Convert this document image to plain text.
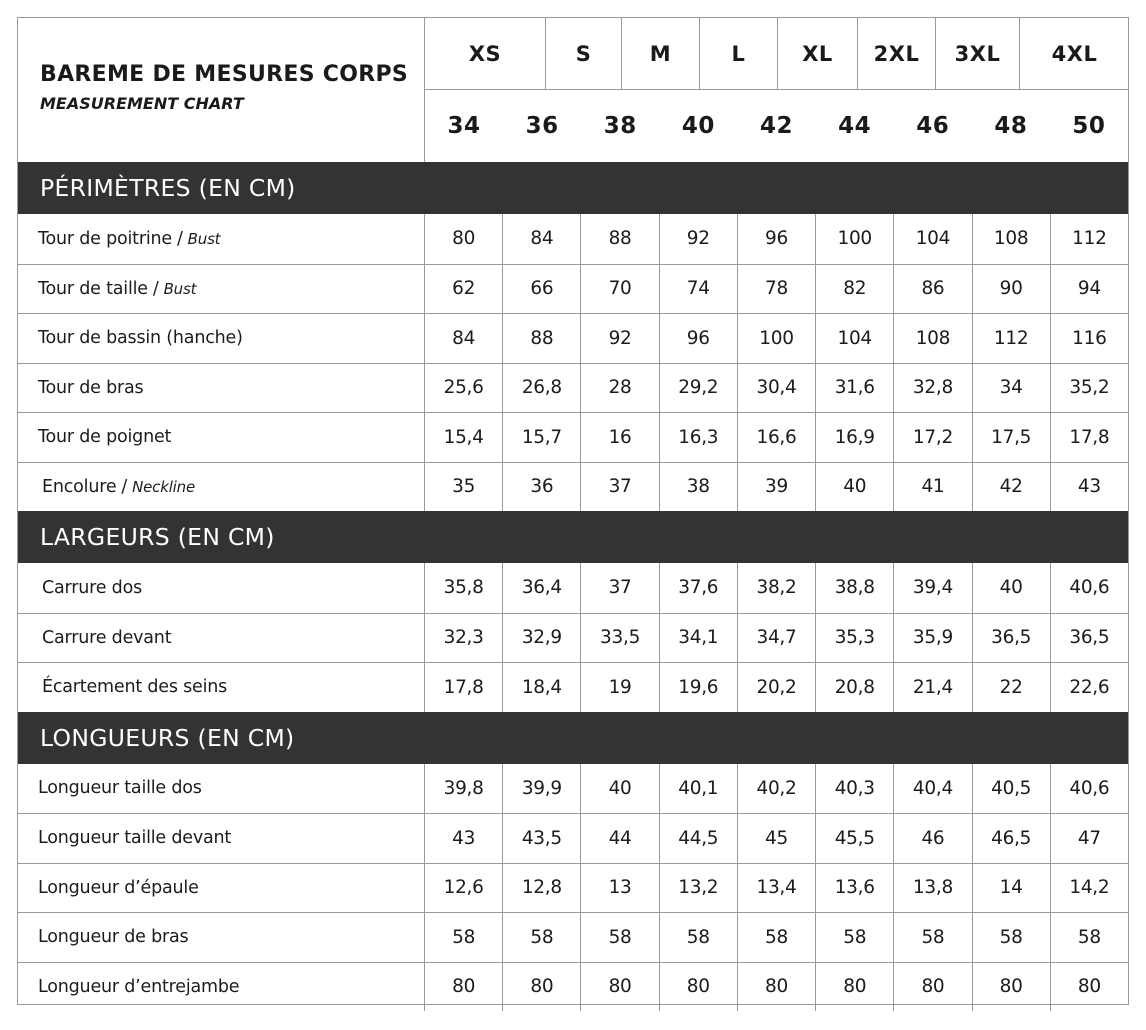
BAREME DE MESURES CORPS
MEASUREMENT CHART
XS	S	M	L	XL	2XL	3XL	4XL
34	36	38	40	42	44	46	48	50
PÉRIMÈTRES (EN CM)
Tour de poitrine / Bust	80	84	88	92	96	100	104	108	112
Tour de taille / Bust	62	66	70	74	78	82	86	90	94
Tour de bassin (hanche)	84	88	92	96	100	104	108	112	116
Tour de bras	25,6	26,8	28	29,2	30,4	31,6	32,8	34	35,2
Tour de poignet	15,4	15,7	16	16,3	16,6	16,9	17,2	17,5	17,8
Encolure / Neckline	35	36	37	38	39	40	41	42	43
LARGEURS (EN CM)
Carrure dos	35,8	36,4	37	37,6	38,2	38,8	39,4	40	40,6
Carrure devant	32,3	32,9	33,5	34,1	34,7	35,3	35,9	36,5	36,5
Écartement des seins	17,8	18,4	19	19,6	20,2	20,8	21,4	22	22,6
LONGUEURS (EN CM)
Longueur taille dos	39,8	39,9	40	40,1	40,2	40,3	40,4	40,5	40,6
Longueur taille devant	43	43,5	44	44,5	45	45,5	46	46,5	47
Longueur d’épaule	12,6	12,8	13	13,2	13,4	13,6	13,8	14	14,2
Longueur de bras	58	58	58	58	58	58	58	58	58
Longueur d’entrejambe	80	80	80	80	80	80	80	80	80
